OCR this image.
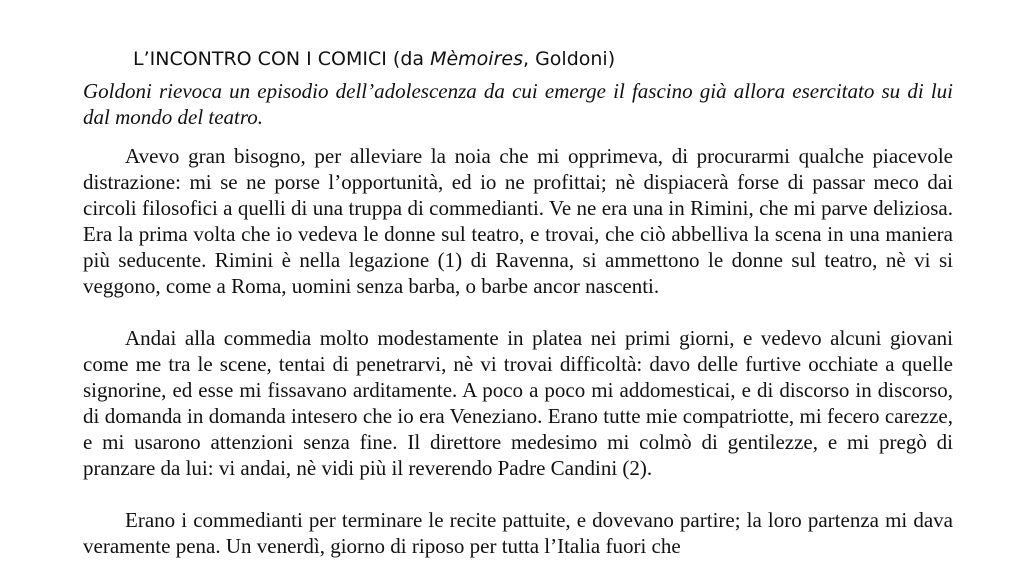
L’INCONTRO CON I COMICI (da Mèmoires, Goldoni)
Goldoni rievoca un episodio dell’adolescenza da cui emerge il fascino già allora esercitato su di lui dal mondo del teatro.
Avevo gran bisogno, per alleviare la noia che mi opprimeva, di procurarmi qualche piacevole distrazione: mi se ne porse l’opportunità, ed io ne profittai; nè dispiacerà forse di passar meco dai circoli filosofici a quelli di una truppa di commedianti. Ve ne era una in Rimini, che mi parve deliziosa. Era la prima volta che io vedeva le donne sul teatro, e trovai, che ciò abbelliva la scena in una maniera più seducente. Rimini è nella legazione (1) di Ravenna, si ammettono le donne sul teatro, nè vi si veggono, come a Roma, uomini senza barba, o barbe ancor nascenti.
Andai alla commedia molto modestamente in platea nei primi giorni, e vedevo alcuni giovani come me tra le scene, tentai di penetrarvi, nè vi trovai difficoltà: davo delle furtive occhiate a quelle signorine, ed esse mi fissavano arditamente. A poco a poco mi addomesticai, e di discorso in discorso, di domanda in domanda intesero che io era Veneziano. Erano tutte mie compatriotte, mi fecero carezze, e mi usarono attenzioni senza fine. Il direttore medesimo mi colmò di gentilezze, e mi pregò di pranzare da lui: vi andai, nè vidi più il reverendo Padre Candini (2).
Erano i commedianti per terminare le recite pattuite, e dovevano partire; la loro partenza mi dava veramente pena. Un venerdì, giorno di riposo per tutta l’Italia fuori che
